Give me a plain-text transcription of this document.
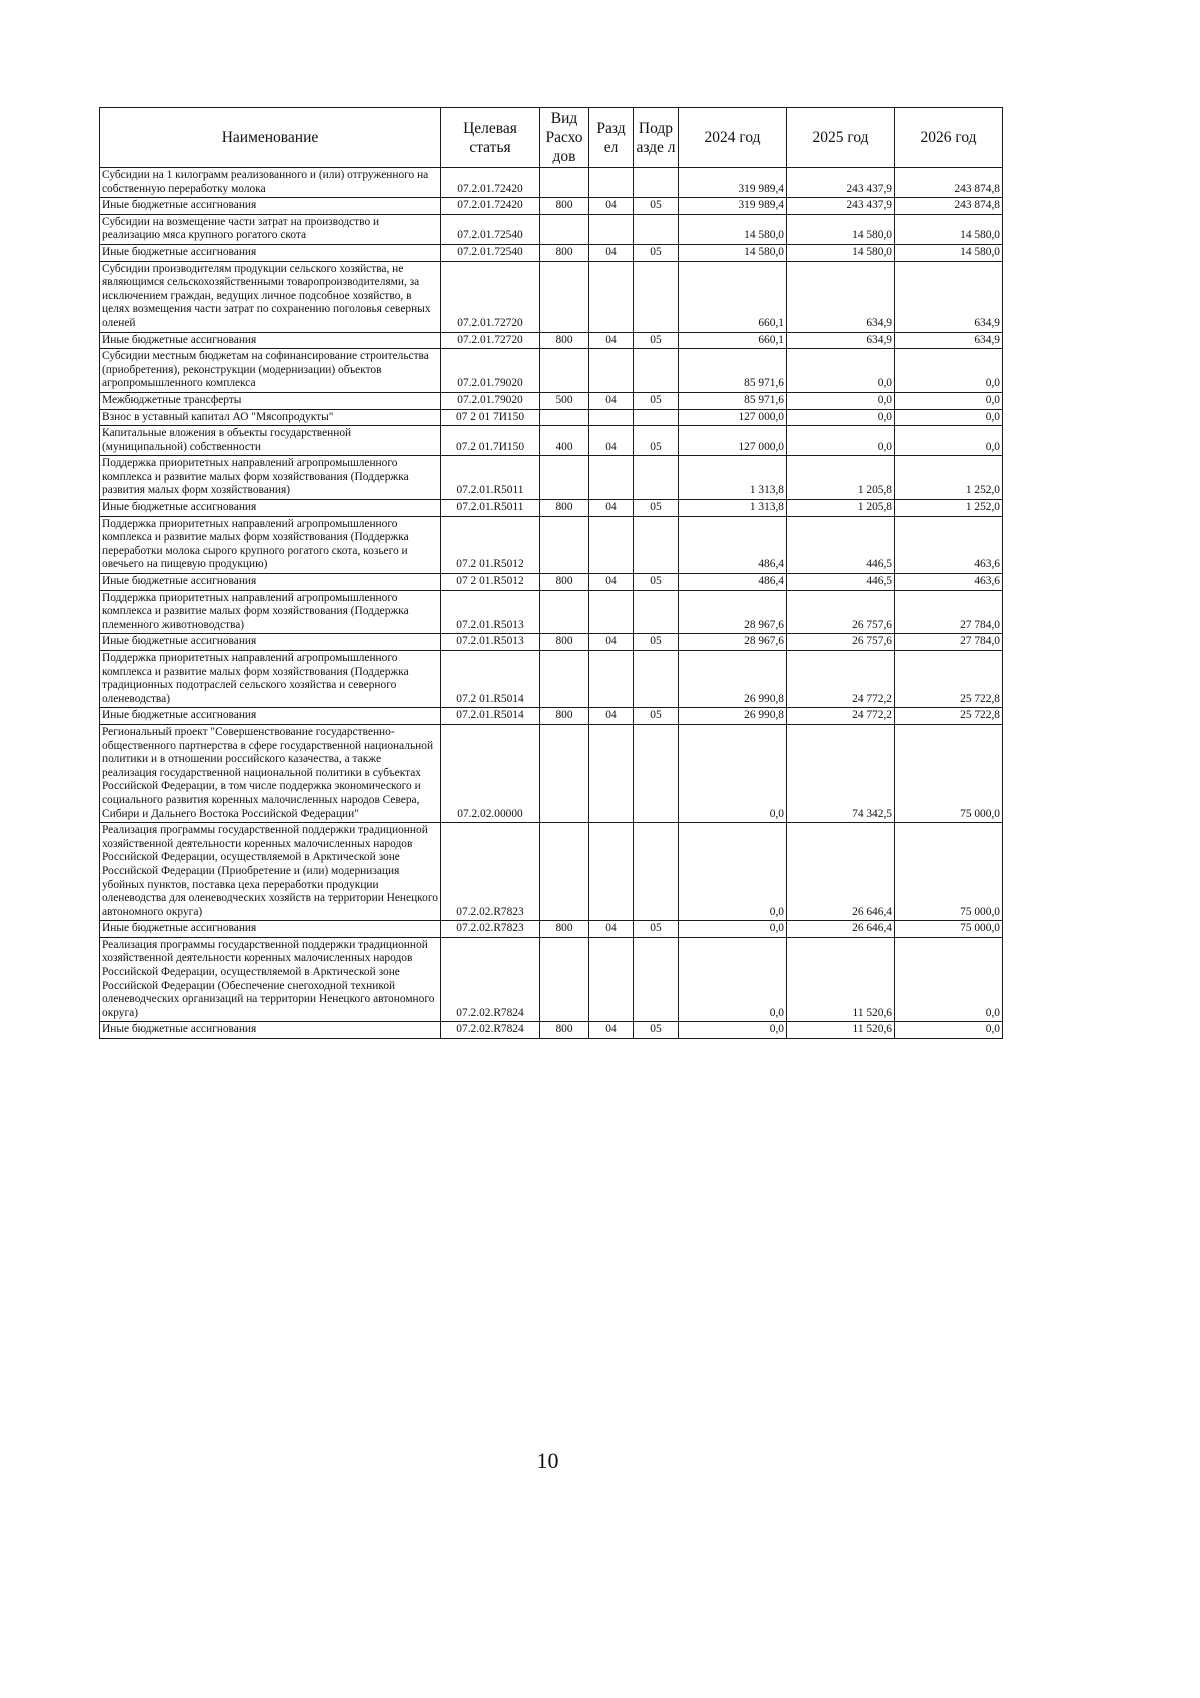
Наименование	Целевая статья	Вид Расхо дов	Разд ел	Подр азде л	2024 год	2025 год	2026 год
Субсидии на 1 килограмм реализованного и (или) отгруженного на собственную переработку молока	07.2.01.72420				319 989,4	243 437,9	243 874,8
Иные бюджетные ассигнования	07.2.01.72420	800	04	05	319 989,4	243 437,9	243 874,8
Субсидии на возмещение части затрат на производство и реализацию мяса крупного рогатого скота	07.2.01.72540				14 580,0	14 580,0	14 580,0
Иные бюджетные ассигнования	07.2.01.72540	800	04	05	14 580,0	14 580,0	14 580,0
Субсидии производителям продукции сельского хозяйства, не являющимся сельскохозяйственными товаропроизводителями, за исключением граждан, ведущих личное подсобное хозяйство, в целях возмещения части затрат по сохранению поголовья северных оленей	07.2.01.72720				660,1	634,9	634,9
Иные бюджетные ассигнования	07.2.01.72720	800	04	05	660,1	634,9	634,9
Субсидии местным бюджетам на софинансирование строительства (приобретения), реконструкции (модернизации) объектов агропромышленного комплекса	07.2.01.79020				85 971,6	0,0	0,0
Межбюджетные трансферты	07.2.01.79020	500	04	05	85 971,6	0,0	0,0
Взнос в уставный капитал АО "Мясопродукты"	07 2 01 7И150				127 000,0	0,0	0,0
Капитальные вложения в объекты государственной (муниципальной) собственности	07.2 01.7И150	400	04	05	127 000,0	0,0	0,0
Поддержка приоритетных направлений агропромышленного комплекса и развитие малых форм хозяйствования (Поддержка развития малых форм хозяйствования)	07.2.01.R5011				1 313,8	1 205,8	1 252,0
Иные бюджетные ассигнования	07.2.01.R5011	800	04	05	1 313,8	1 205,8	1 252,0
Поддержка приоритетных направлений агропромышленного комплекса и развитие малых форм хозяйствования (Поддержка переработки молока сырого крупного рогатого скота, козьего и овечьего на пищевую продукцию)	07.2 01.R5012				486,4	446,5	463,6
Иные бюджетные ассигнования	07 2 01.R5012	800	04	05	486,4	446,5	463,6
Поддержка приоритетных направлений агропромышленного комплекса и развитие малых форм хозяйствования (Поддержка племенного животноводства)	07.2.01.R5013				28 967,6	26 757,6	27 784,0
Иные бюджетные ассигнования	07.2.01.R5013	800	04	05	28 967,6	26 757,6	27 784,0
Поддержка приоритетных направлений агропромышленного комплекса и развитие малых форм хозяйствования (Поддержка традиционных подотраслей сельского хозяйства и северного оленеводства)	07.2 01.R5014				26 990,8	24 772,2	25 722,8
Иные бюджетные ассигнования	07.2.01.R5014	800	04	05	26 990,8	24 772,2	25 722,8
Региональный проект "Совершенствование государственно-общественного партнерства в сфере государственной национальной политики и в отношении российского казачества, а также реализация государственной национальной политики в субъектах Российской Федерации, в том числе поддержка экономического и социального развития коренных малочисленных народов Севера, Сибири и Дальнего Востока Российской Федерации"	07.2.02.00000				0,0	74 342,5	75 000,0
Реализация программы государственной поддержки традиционной хозяйственной деятельности коренных малочисленных народов Российской Федерации, осуществляемой в Арктической зоне Российской Федерации (Приобретение и (или) модернизация убойных пунктов, поставка цеха переработки продукции оленеводства для оленеводческих хозяйств на территории Ненецкого автономного округа)	07.2.02.R7823				0,0	26 646,4	75 000,0
Иные бюджетные ассигнования	07.2.02.R7823	800	04	05	0,0	26 646,4	75 000,0
Реализация программы государственной поддержки традиционной хозяйственной деятельности коренных малочисленных народов Российской Федерации, осуществляемой в Арктической зоне Российской Федерации (Обеспечение снегоходной техникой оленеводческих организаций на территории Ненецкого автономного округа)	07.2.02.R7824				0,0	11 520,6	0,0
Иные бюджетные ассигнования	07.2.02.R7824	800	04	05	0,0	11 520,6	0,0
10
